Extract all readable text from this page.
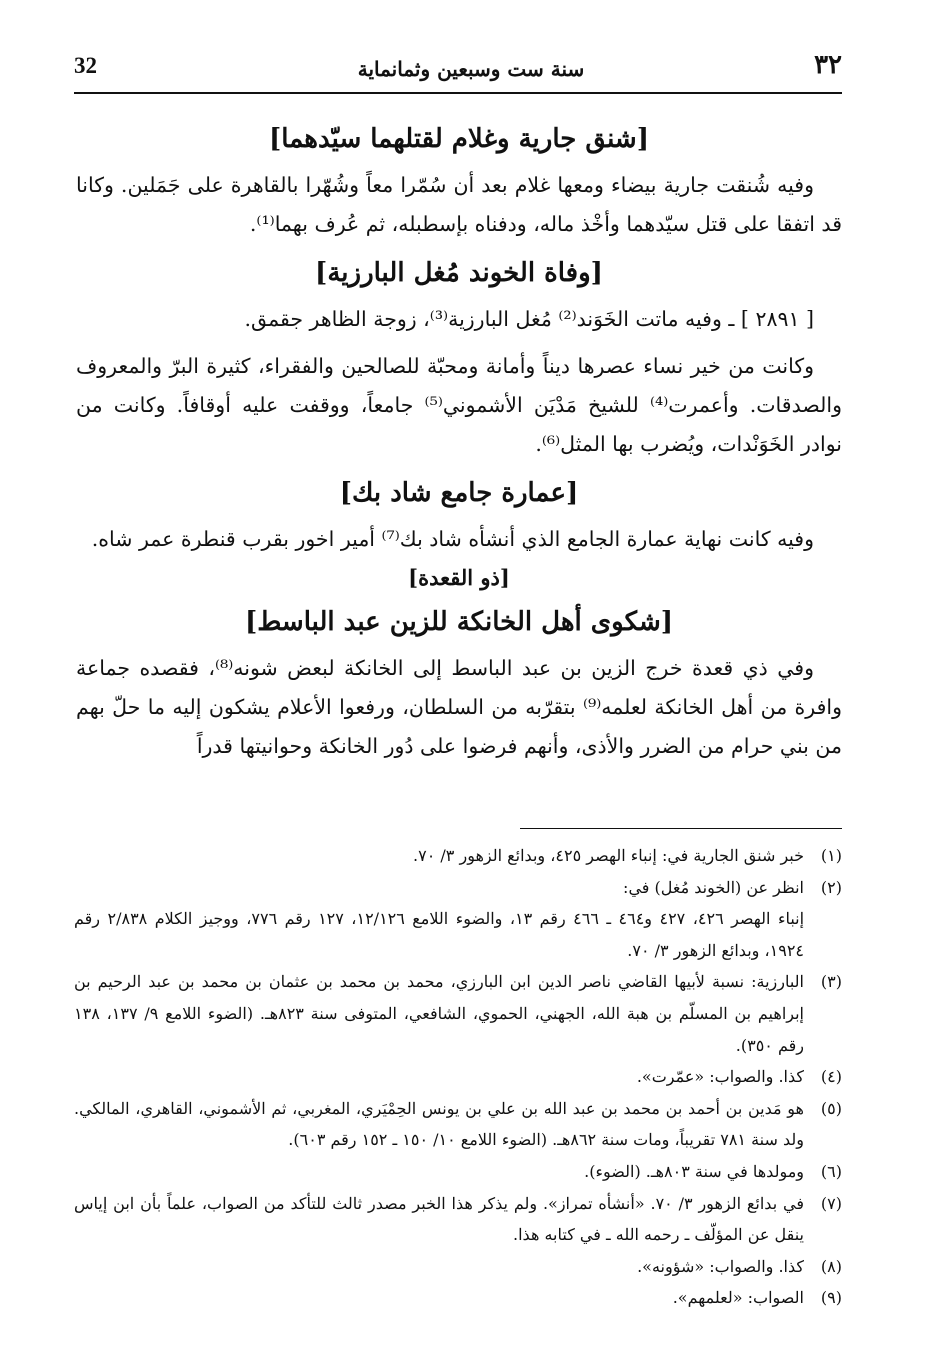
٣٢
سنة ست وسبعين وثمانماية
32
[شنق جارية وغلام لقتلهما سيّدهما]

وفيه شُنقت جارية بيضاء ومعها غلام بعد أن سُمّرا معاً وشُهّرا بالقاهرة على جَمَلين. وكانا قد اتفقا على قتل سيّدهما وأخْذ ماله، ودفناه بإسطبله، ثم عُرف بهما⁽¹⁾.

[وفاة الخوند مُغل البارزية]

[ ٢٨٩١ ] ـ وفيه ماتت الخَوَند⁽²⁾ مُغل البارزية⁽³⁾، زوجة الظاهر جقمق.

وكانت من خير نساء عصرها ديناً وأمانة ومحبّة للصالحين والفقراء، كثيرة البرّ والمعروف والصدقات. وأعمرت⁽⁴⁾ للشيخ مَدْيَن الأشموني⁽⁵⁾ جامعاً، ووقفت عليه أوقافاً. وكانت من نوادر الخَوَنْدات، ويُضرب بها المثل⁽⁶⁾.

[عمارة جامع شاد بك]

وفيه كانت نهاية عمارة الجامع الذي أنشأه شاد بك⁽⁷⁾ أمير اخور بقرب قنطرة عمر شاه.

[ذو القعدة]
[شكوى أهل الخانكة للزين عبد الباسط]

وفي ذي قعدة خرج الزين بن عبد الباسط إلى الخانكة لبعض شونه⁽⁸⁾، فقصده جماعة وافرة من أهل الخانكة لعلمه⁽⁹⁾ بتقرّبه من السلطان، ورفعوا الأعلام يشكون إليه ما حلّ بهم من بني حرام من الضرر والأذى، وأنهم فرضوا على دُور الخانكة وحوانيتها قدراً

(١)
خبر شنق الجارية في: إنباء الهصر ٤٢٥، وبدائع الزهور ٣/ ٧٠.
(٢)
انظر عن (الخوند مُغل) في:
إنباء الهصر ٤٢٦، ٤٢٧ و٤٦٤ ـ ٤٦٦ رقم ١٣، والضوء اللامع ١٢/١٢٦، ١٢٧ رقم ٧٧٦، ووجيز الكلام ٢/٨٣٨ رقم ١٩٢٤، وبدائع الزهور ٣/ ٧٠.
(٣)
البارزية: نسبة لأبيها القاضي ناصر الدين ابن البارزي، محمد بن محمد بن عثمان بن محمد بن عبد الرحيم بن إبراهيم بن المسلّم بن هبة الله، الجهني، الحموي، الشافعي، المتوفى سنة ٨٢٣هـ. (الضوء اللامع ٩/ ١٣٧، ١٣٨ رقم ٣٥٠).
(٤)
كذا. والصواب: «عمّرت».
(٥)
هو مَدين بن أحمد بن محمد بن عبد الله بن علي بن يونس الحِمْيَري، المغربي، ثم الأشموني، القاهري، المالكي. ولد سنة ٧٨١ تقريباً، ومات سنة ٨٦٢هـ. (الضوء اللامع ١٠/ ١٥٠ ـ ١٥٢ رقم ٦٠٣).
(٦)
ومولدها في سنة ٨٠٣هـ. (الضوء).
(٧)
في بدائع الزهور ٣/ ٧٠. «أنشأه تمراز». ولم يذكر هذا الخبر مصدر ثالث للتأكد من الصواب، علماً بأن ابن إياس ينقل عن المؤلّف ـ رحمه الله ـ في كتابه هذا.
(٨)
كذا. والصواب: «شؤونه».
(٩)
الصواب: «لعلمهم».
